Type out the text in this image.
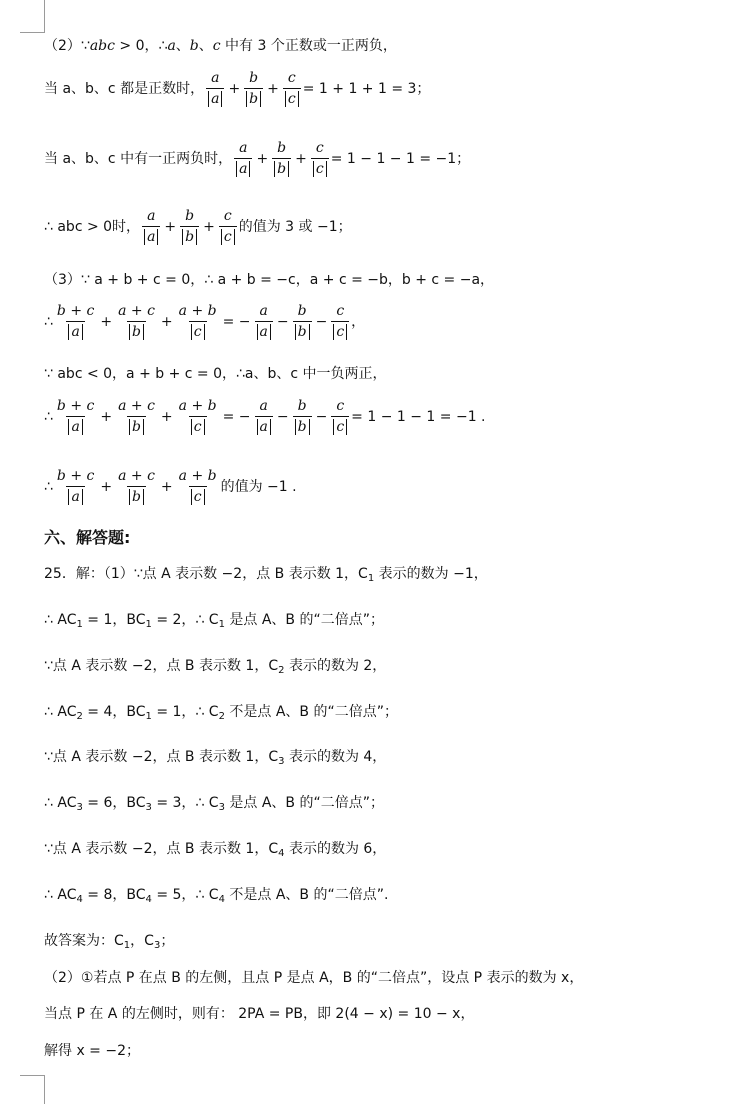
（2）∵abc > 0，∴a、b、c 中有 3 个正数或一正两负，
当 a、b、c 都是正数时， $\frac{a}{a} + \frac{b}{b} + \frac{c}{c} = 1 + 1 + 1 = 3$；
当 a、b、c 中有一正两负时， $\frac{a}{a} + \frac{b}{b} + \frac{c}{c} = 1 - 1 - 1 = -1$；
∴ abc > 0时， $\frac{a}{a} + \frac{b}{b} + \frac{c}{c}$ 的值为 3 或 −1；
（3）∵ a + b + c = 0，∴ a + b = −c，a + c = −b，b + c = −a，
∴ $\frac{b + c}{a} + \frac{a + c}{b} + \frac{a + b}{c}$ = − $\frac{a}{a} - \frac{b}{b} - \frac{c}{c}$ ，
∵ abc < 0，a + b + c = 0，∴a、b、c 中一负两正，
∴ $\frac{b + c}{a} + \frac{a + c}{b} + \frac{a + b}{c}$ = − $\frac{a}{a} - \frac{b}{b} - \frac{c}{c} = 1 - 1 - 1 = -1$ .
∴ $\frac{b + c}{a} + \frac{a + c}{b} + \frac{a + b}{c}$ 的值为 −1 .
六、解答题:
25．解：（1）∵点 A 表示数 −2，点 B 表示数 1，$C_1$ 表示的数为 −1，
∴ $AC_1 = 1$，$BC_1 = 2$，∴ $C_1$ 是点 A、B 的“二倍点”；
∵点 A 表示数 −2，点 B 表示数 1，$C_2$ 表示的数为 2，
∴ $AC_2 = 4$，$BC_1 = 1$，∴ $C_2$ 不是点 A、B 的“二倍点”；
∵点 A 表示数 −2，点 B 表示数 1，$C_3$ 表示的数为 4，
∴ $AC_3 = 6$，$BC_3 = 3$，∴ $C_3$ 是点 A、B 的“二倍点”；
∵点 A 表示数 −2，点 B 表示数 1，$C_4$ 表示的数为 6，
∴ $AC_4 = 8$，$BC_4 = 5$，∴ $C_4$ 不是点 A、B 的“二倍点”.
故答案为：$C_1$，$C_3$；
（2）①若点 P 在点 B 的左侧，且点 P 是点 A，B 的“二倍点”，设点 P 表示的数为 x，
当点 P 在 A 的左侧时，则有： 2PA = PB，即 2(4 − x) = 10 − x，
解得 x = −2；
